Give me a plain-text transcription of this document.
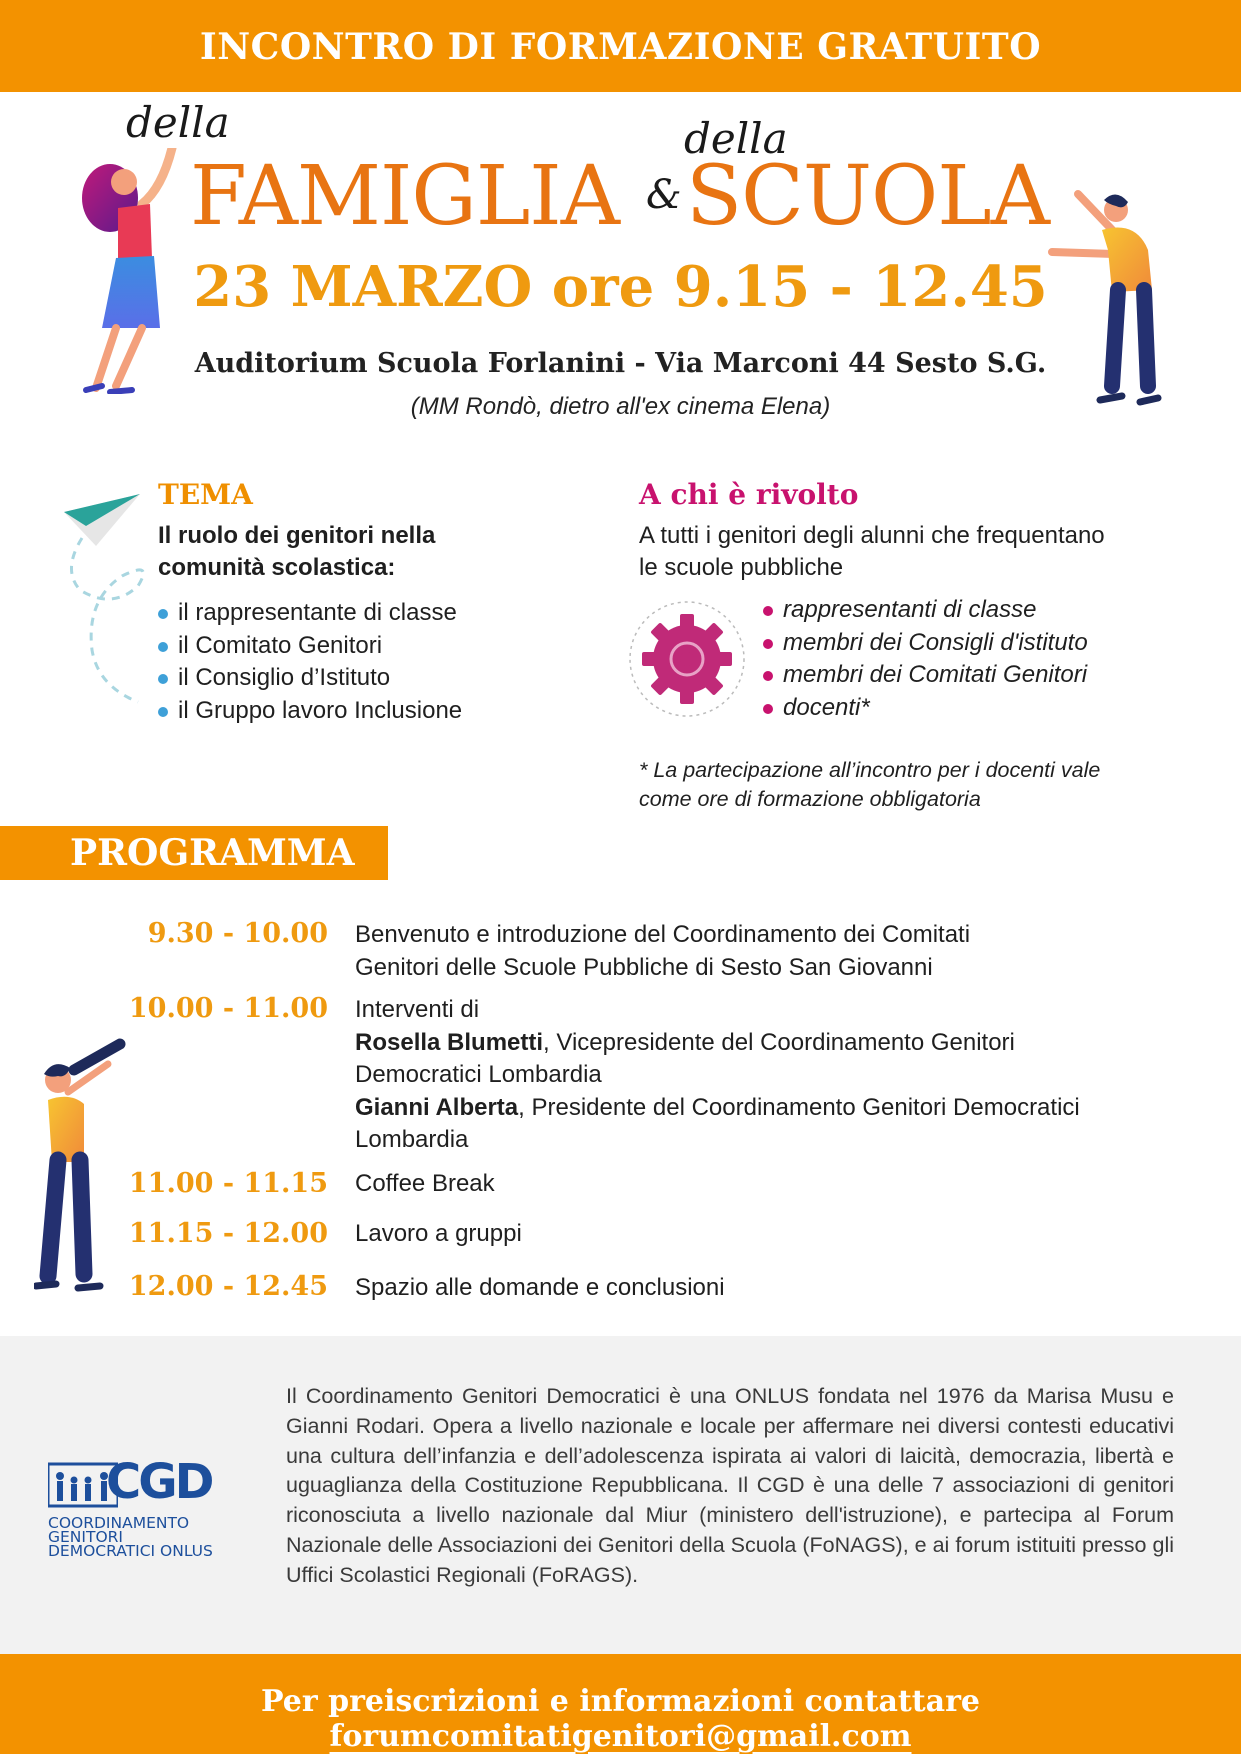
INCONTRO DI FORMAZIONE GRATUITO
della	della
FAMIGLIA & SCUOLA
23 MARZO ore 9.15 - 12.45
Auditorium Scuola Forlanini - Via Marconi 44 Sesto S.G.
(MM Rondò, dietro all'ex cinema Elena)
TEMA
Il ruolo dei genitori nella
comunità scolastica:
il rappresentante di classe
il Comitato Genitori
il Consiglio d’Istituto
il Gruppo lavoro Inclusione
A chi è rivolto
A tutti i genitori degli alunni che frequentano
le scuole pubbliche
rappresentanti di classe
membri dei Consigli d'istituto
membri dei Comitati Genitori
docenti*
* La partecipazione all’incontro per i docenti vale
come ore di formazione obbligatoria
PROGRAMMA
9.30 - 10.00 Benvenuto e introduzione del Coordinamento dei Comitati
Genitori delle Scuole Pubbliche di Sesto San Giovanni
10.00 - 11.00 Interventi di
Rosella Blumetti, Vicepresidente del Coordinamento Genitori
Democratici Lombardia
Gianni Alberta, Presidente del Coordinamento Genitori Democratici
Lombardia
11.00 - 11.15 Coffee Break
11.15 - 12.00 Lavoro a gruppi
12.00 - 12.45 Spazio alle domande e conclusioni
CGD
COORDINAMENTO
GENITORI
DEMOCRATICI ONLUS
Il Coordinamento Genitori Democratici è una ONLUS fondata nel 1976 da Marisa Musu e Gianni Rodari. Opera a livello nazionale e locale per affermare nei diversi contesti educativi una cultura dell’infanzia e dell’adolescenza ispirata ai valori di laicità, democrazia, libertà e uguaglianza della Costituzione Repubblicana. Il CGD è una delle 7 associazioni di genitori riconosciuta a livello nazionale dal Miur (ministero dell'istruzione), e partecipa al Forum Nazionale delle Associazioni dei Genitori della Scuola (FoNAGS), e ai forum istituiti presso gli Uffici Scolastici Regionali (FoRAGS).
Per preiscrizioni e informazioni contattare forumcomitatigenitori@gmail.com
